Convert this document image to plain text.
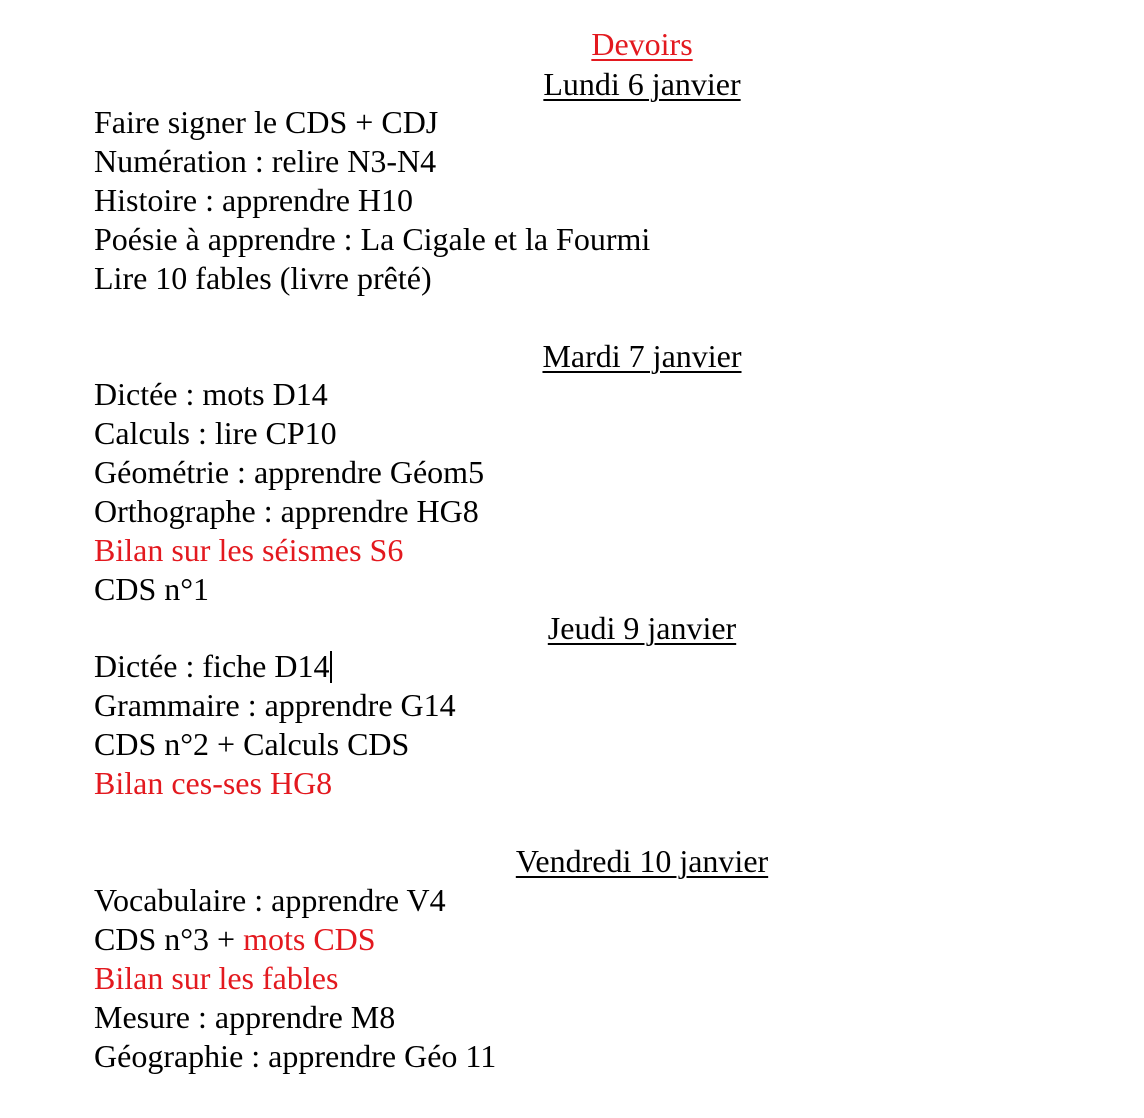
Devoirs
Lundi 6 janvier
Faire signer le CDS + CDJ
Numération : relire N3-N4
Histoire : apprendre H10
Poésie à apprendre : La Cigale et la Fourmi
Lire 10 fables (livre prêté)
Mardi 7 janvier
Dictée : mots D14
Calculs : lire CP10
Géométrie : apprendre Géom5
Orthographe : apprendre HG8
Bilan sur les séismes S6
CDS n°1
Jeudi 9 janvier
Dictée : fiche D14
Grammaire : apprendre G14
CDS n°2 + Calculs CDS
Bilan ces-ses HG8
Vendredi 10 janvier
Vocabulaire : apprendre V4
CDS n°3 + mots CDS
Bilan sur les fables
Mesure : apprendre M8
Géographie : apprendre Géo 11
